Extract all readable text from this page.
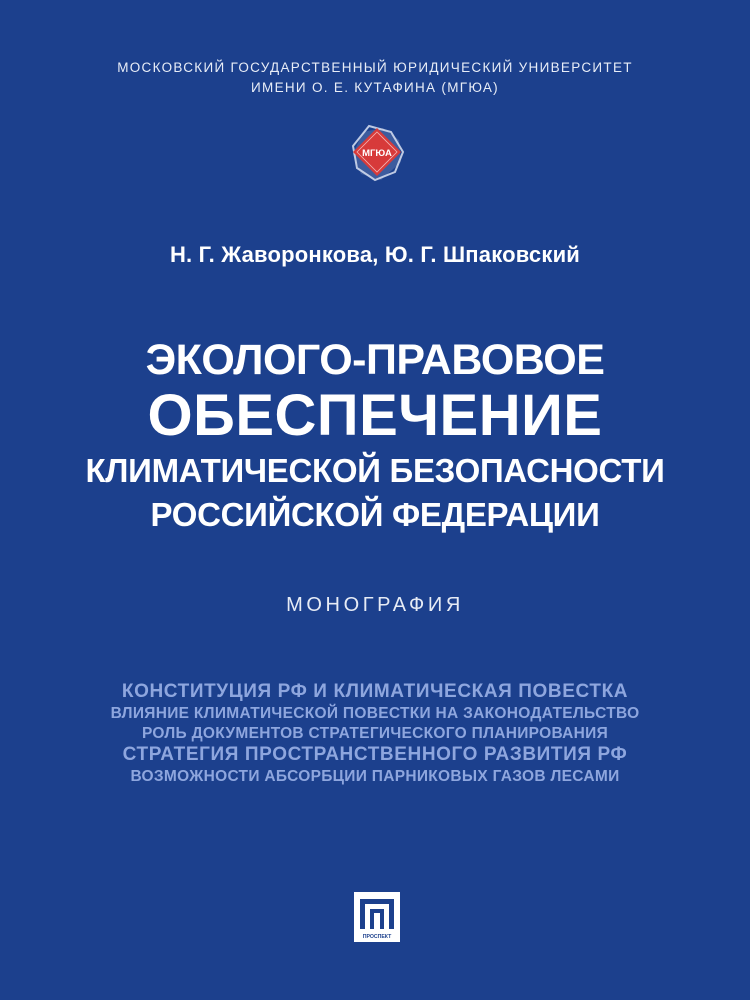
МОСКОВСКИЙ ГОСУДАРСТВЕННЫЙ ЮРИДИЧЕСКИЙ УНИВЕРСИТЕТ
ИМЕНИ О. Е. КУТАФИНА (МГЮА)
МГЮА
Н. Г. Жаворонкова, Ю. Г. Шпаковский
ЭКОЛОГО-ПРАВОВОЕ
ОБЕСПЕЧЕНИЕ
КЛИМАТИЧЕСКОЙ БЕЗОПАСНОСТИ
РОССИЙСКОЙ ФЕДЕРАЦИИ
МОНОГРАФИЯ
КОНСТИТУЦИЯ РФ И КЛИМАТИЧЕСКАЯ ПОВЕСТКА
ВЛИЯНИЕ КЛИМАТИЧЕСКОЙ ПОВЕСТКИ НА ЗАКОНОДАТЕЛЬСТВО
РОЛЬ ДОКУМЕНТОВ СТРАТЕГИЧЕСКОГО ПЛАНИРОВАНИЯ
СТРАТЕГИЯ ПРОСТРАНСТВЕННОГО РАЗВИТИЯ РФ
ВОЗМОЖНОСТИ АБСОРБЦИИ ПАРНИКОВЫХ ГАЗОВ ЛЕСАМИ
ПРОСПЕКТ
